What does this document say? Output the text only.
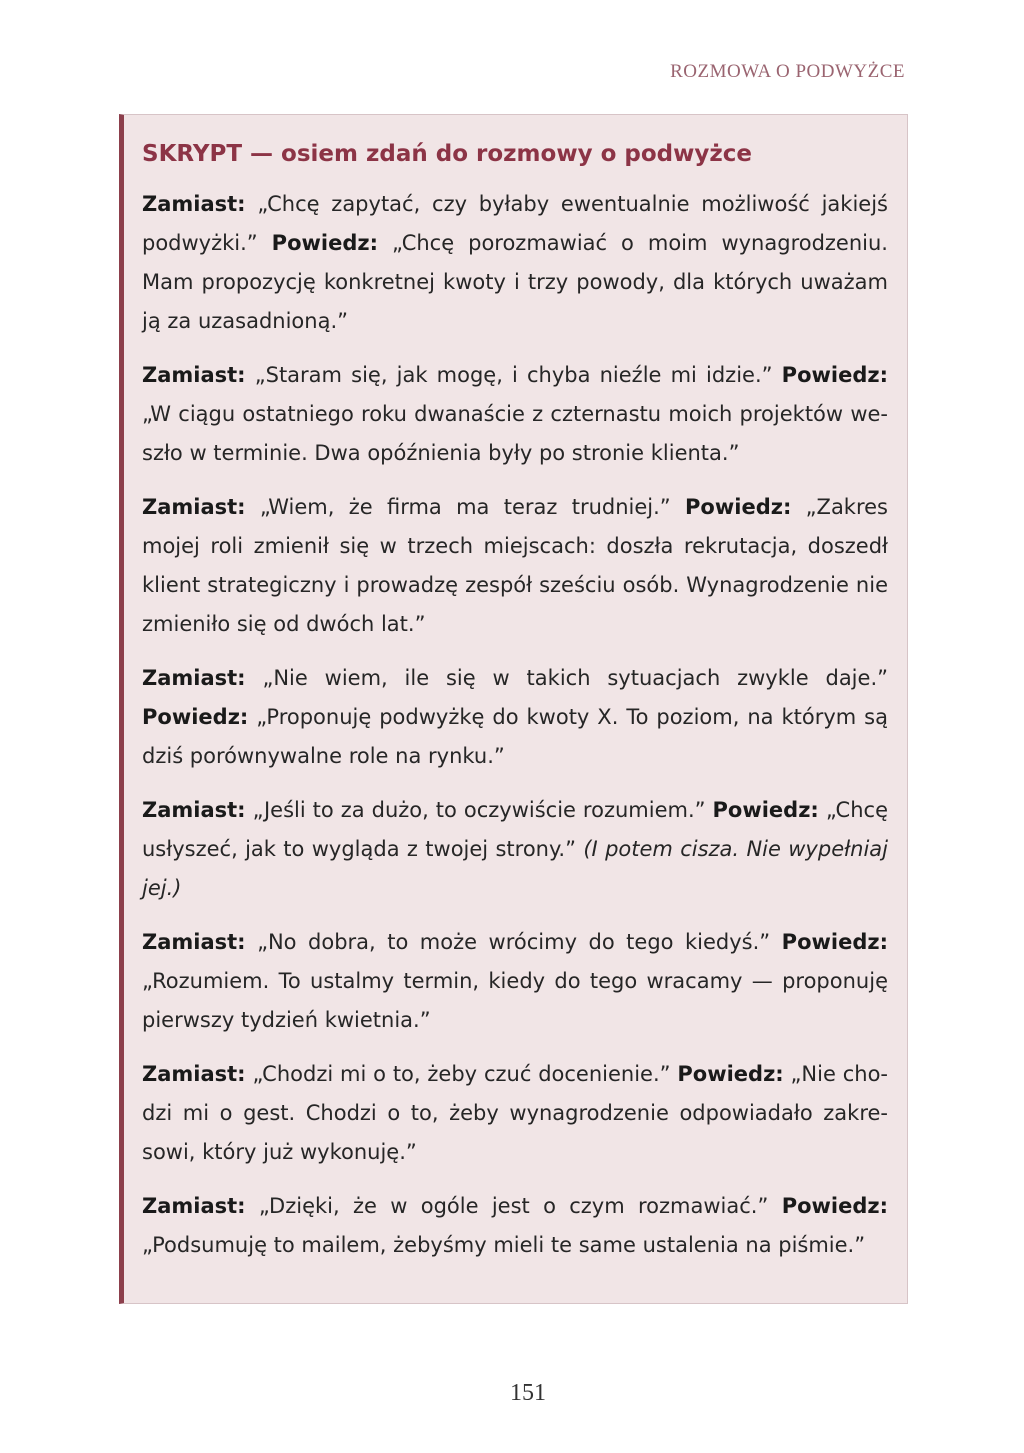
ROZMOWA O PODWYŻCE
SKRYPT — osiem zdań do rozmowy o podwyżce

Zamiast: „Chcę zapytać, czy byłaby ewentualnie możliwość jakiejś podwyżki.” Powiedz: „Chcę porozmawiać o moim wynagrodzeniu. Mam propozycję konkretnej kwoty i trzy powody, dla których uważam ją za uzasadnioną.”

Zamiast: „Staram się, jak mogę, i chyba nieźle mi idzie.” Powiedz: „W ciągu ostatniego roku dwanaście z czternastu moich projektów weszło w terminie. Dwa opóźnienia były po stronie klienta.”

Zamiast: „Wiem, że firma ma teraz trudniej.” Powiedz: „Zakres mojej roli zmienił się w trzech miejscach: doszła rekrutacja, doszedł klient strategiczny i prowadzę zespół sześciu osób. Wynagrodzenie nie zmieniło się od dwóch lat.”

Zamiast: „Nie wiem, ile się w takich sytuacjach zwykle daje.” Powiedz: „Proponuję podwyżkę do kwoty X. To poziom, na którym są dziś porównywalne role na rynku.”

Zamiast: „Jeśli to za dużo, to oczywiście rozumiem.” Powiedz: „Chcę usłyszeć, jak to wygląda z twojej strony.” (I potem cisza. Nie wypełniaj jej.)

Zamiast: „No dobra, to może wrócimy do tego kiedyś.” Powiedz: „Rozumiem. To ustalmy termin, kiedy do tego wracamy — proponuję pierwszy tydzień kwietnia.”

Zamiast: „Chodzi mi o to, żeby czuć docenienie.” Powiedz: „Nie chodzi mi o gest. Chodzi o to, żeby wynagrodzenie odpowiadało zakresowi, który już wykonuję.”

Zamiast: „Dzięki, że w ogóle jest o czym rozmawiać.” Powiedz: „Podsumuję to mailem, żebyśmy mieli te same ustalenia na piśmie.”

151
